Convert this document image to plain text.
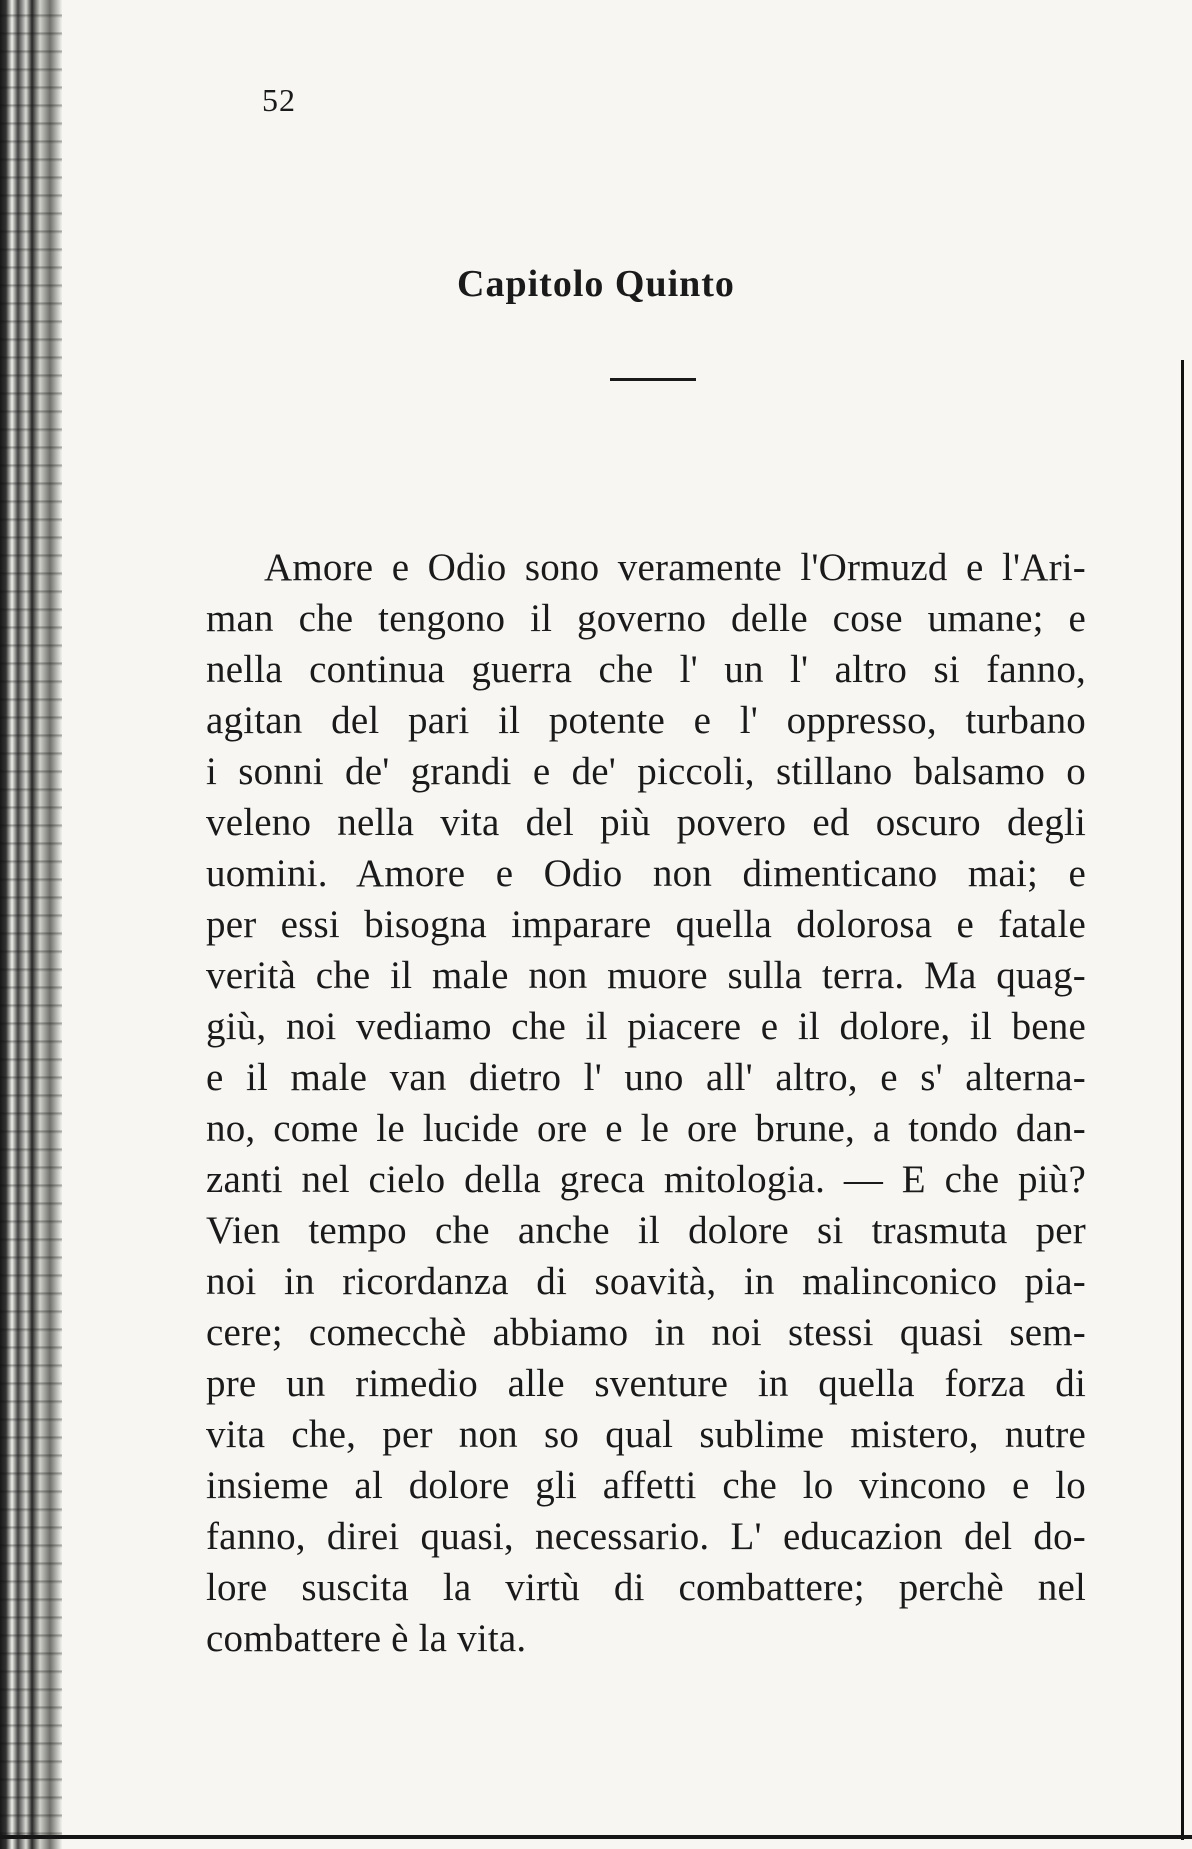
52
Capitolo Quinto
Amore e Odio sono veramente l'Ormuzd e l'Ari-
man che tengono il governo delle cose umane; e
nella continua guerra che l' un l' altro si fanno,
agitan del pari il potente e l' oppresso, turbano
i sonni de' grandi e de' piccoli, stillano balsamo o
veleno nella vita del più povero ed oscuro degli
uomini. Amore e Odio non dimenticano mai; e
per essi bisogna imparare quella dolorosa e fatale
verità che il male non muore sulla terra. Ma quag-
giù, noi vediamo che il piacere e il dolore, il bene
e il male van dietro l' uno all' altro, e s' alterna-
no, come le lucide ore e le ore brune, a tondo dan-
zanti nel cielo della greca mitologia. — E che più?
Vien tempo che anche il dolore si trasmuta per
noi in ricordanza di soavità, in malinconico pia-
cere; comecchè abbiamo in noi stessi quasi sem-
pre un rimedio alle sventure in quella forza di
vita che, per non so qual sublime mistero, nutre
insieme al dolore gli affetti che lo vincono e lo
fanno, direi quasi, necessario. L' educazion del do-
lore suscita la virtù di combattere; perchè nel
combattere è la vita.
